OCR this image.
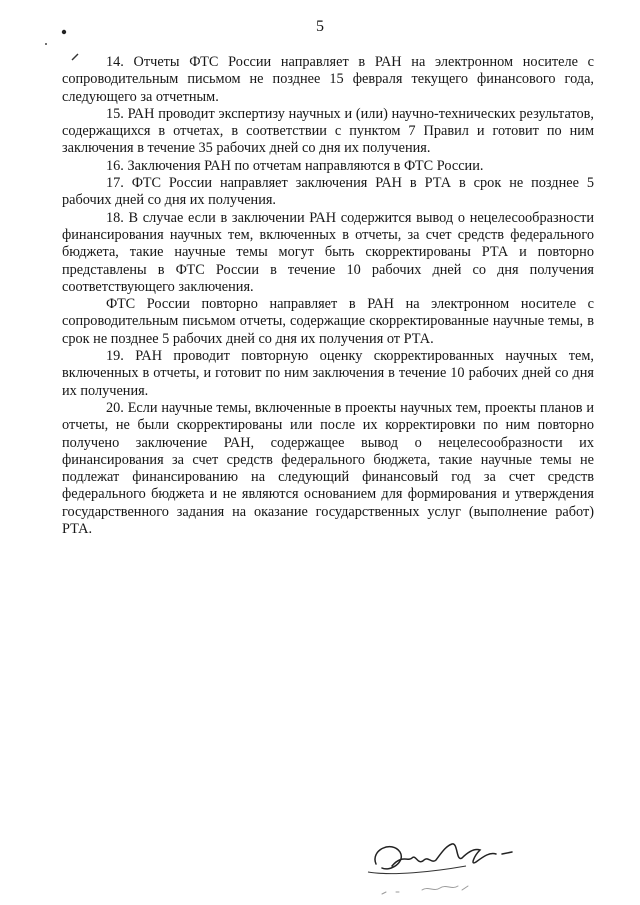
5

14. Отчеты ФТС России направляет в РАН на электронном носителе с сопроводительным письмом не позднее 15 февраля текущего финансового года, следующего за отчетным.

15. РАН проводит экспертизу научных и (или) научно-технических результатов, содержащихся в отчетах, в соответствии с пунктом 7 Правил и готовит по ним заключения в течение 35 рабочих дней со дня их получения.

16. Заключения РАН по отчетам направляются в ФТС России.

17. ФТС России направляет заключения РАН в РТА в срок не позднее 5 рабочих дней со дня их получения.

18. В случае если в заключении РАН содержится вывод о нецелесообразности финансирования научных тем, включенных в отчеты, за счет средств федерального бюджета, такие научные темы могут быть скорректированы РТА и повторно представлены в ФТС России в течение 10 рабочих дней со дня получения соответствующего заключения.

ФТС России повторно направляет в РАН на электронном носителе с сопроводительным письмом отчеты, содержащие скорректированные научные темы, в срок не позднее 5 рабочих дней со дня их получения от РТА.

19. РАН проводит повторную оценку скорректированных научных тем, включенных в отчеты, и готовит по ним заключения в течение 10 рабочих дней со дня их получения.

20. Если научные темы, включенные в проекты научных тем, проекты планов и отчеты, не были скорректированы или после их корректировки по ним повторно получено заключение РАН, содержащее вывод о нецелесообразности их финансирования за счет средств федерального бюджета, такие научные темы не подлежат финансированию на следующий финансовый год за счет средств федерального бюджета и не являются основанием для формирования и утверждения государственного задания на оказание государственных услуг (выполнение работ) РТА.
